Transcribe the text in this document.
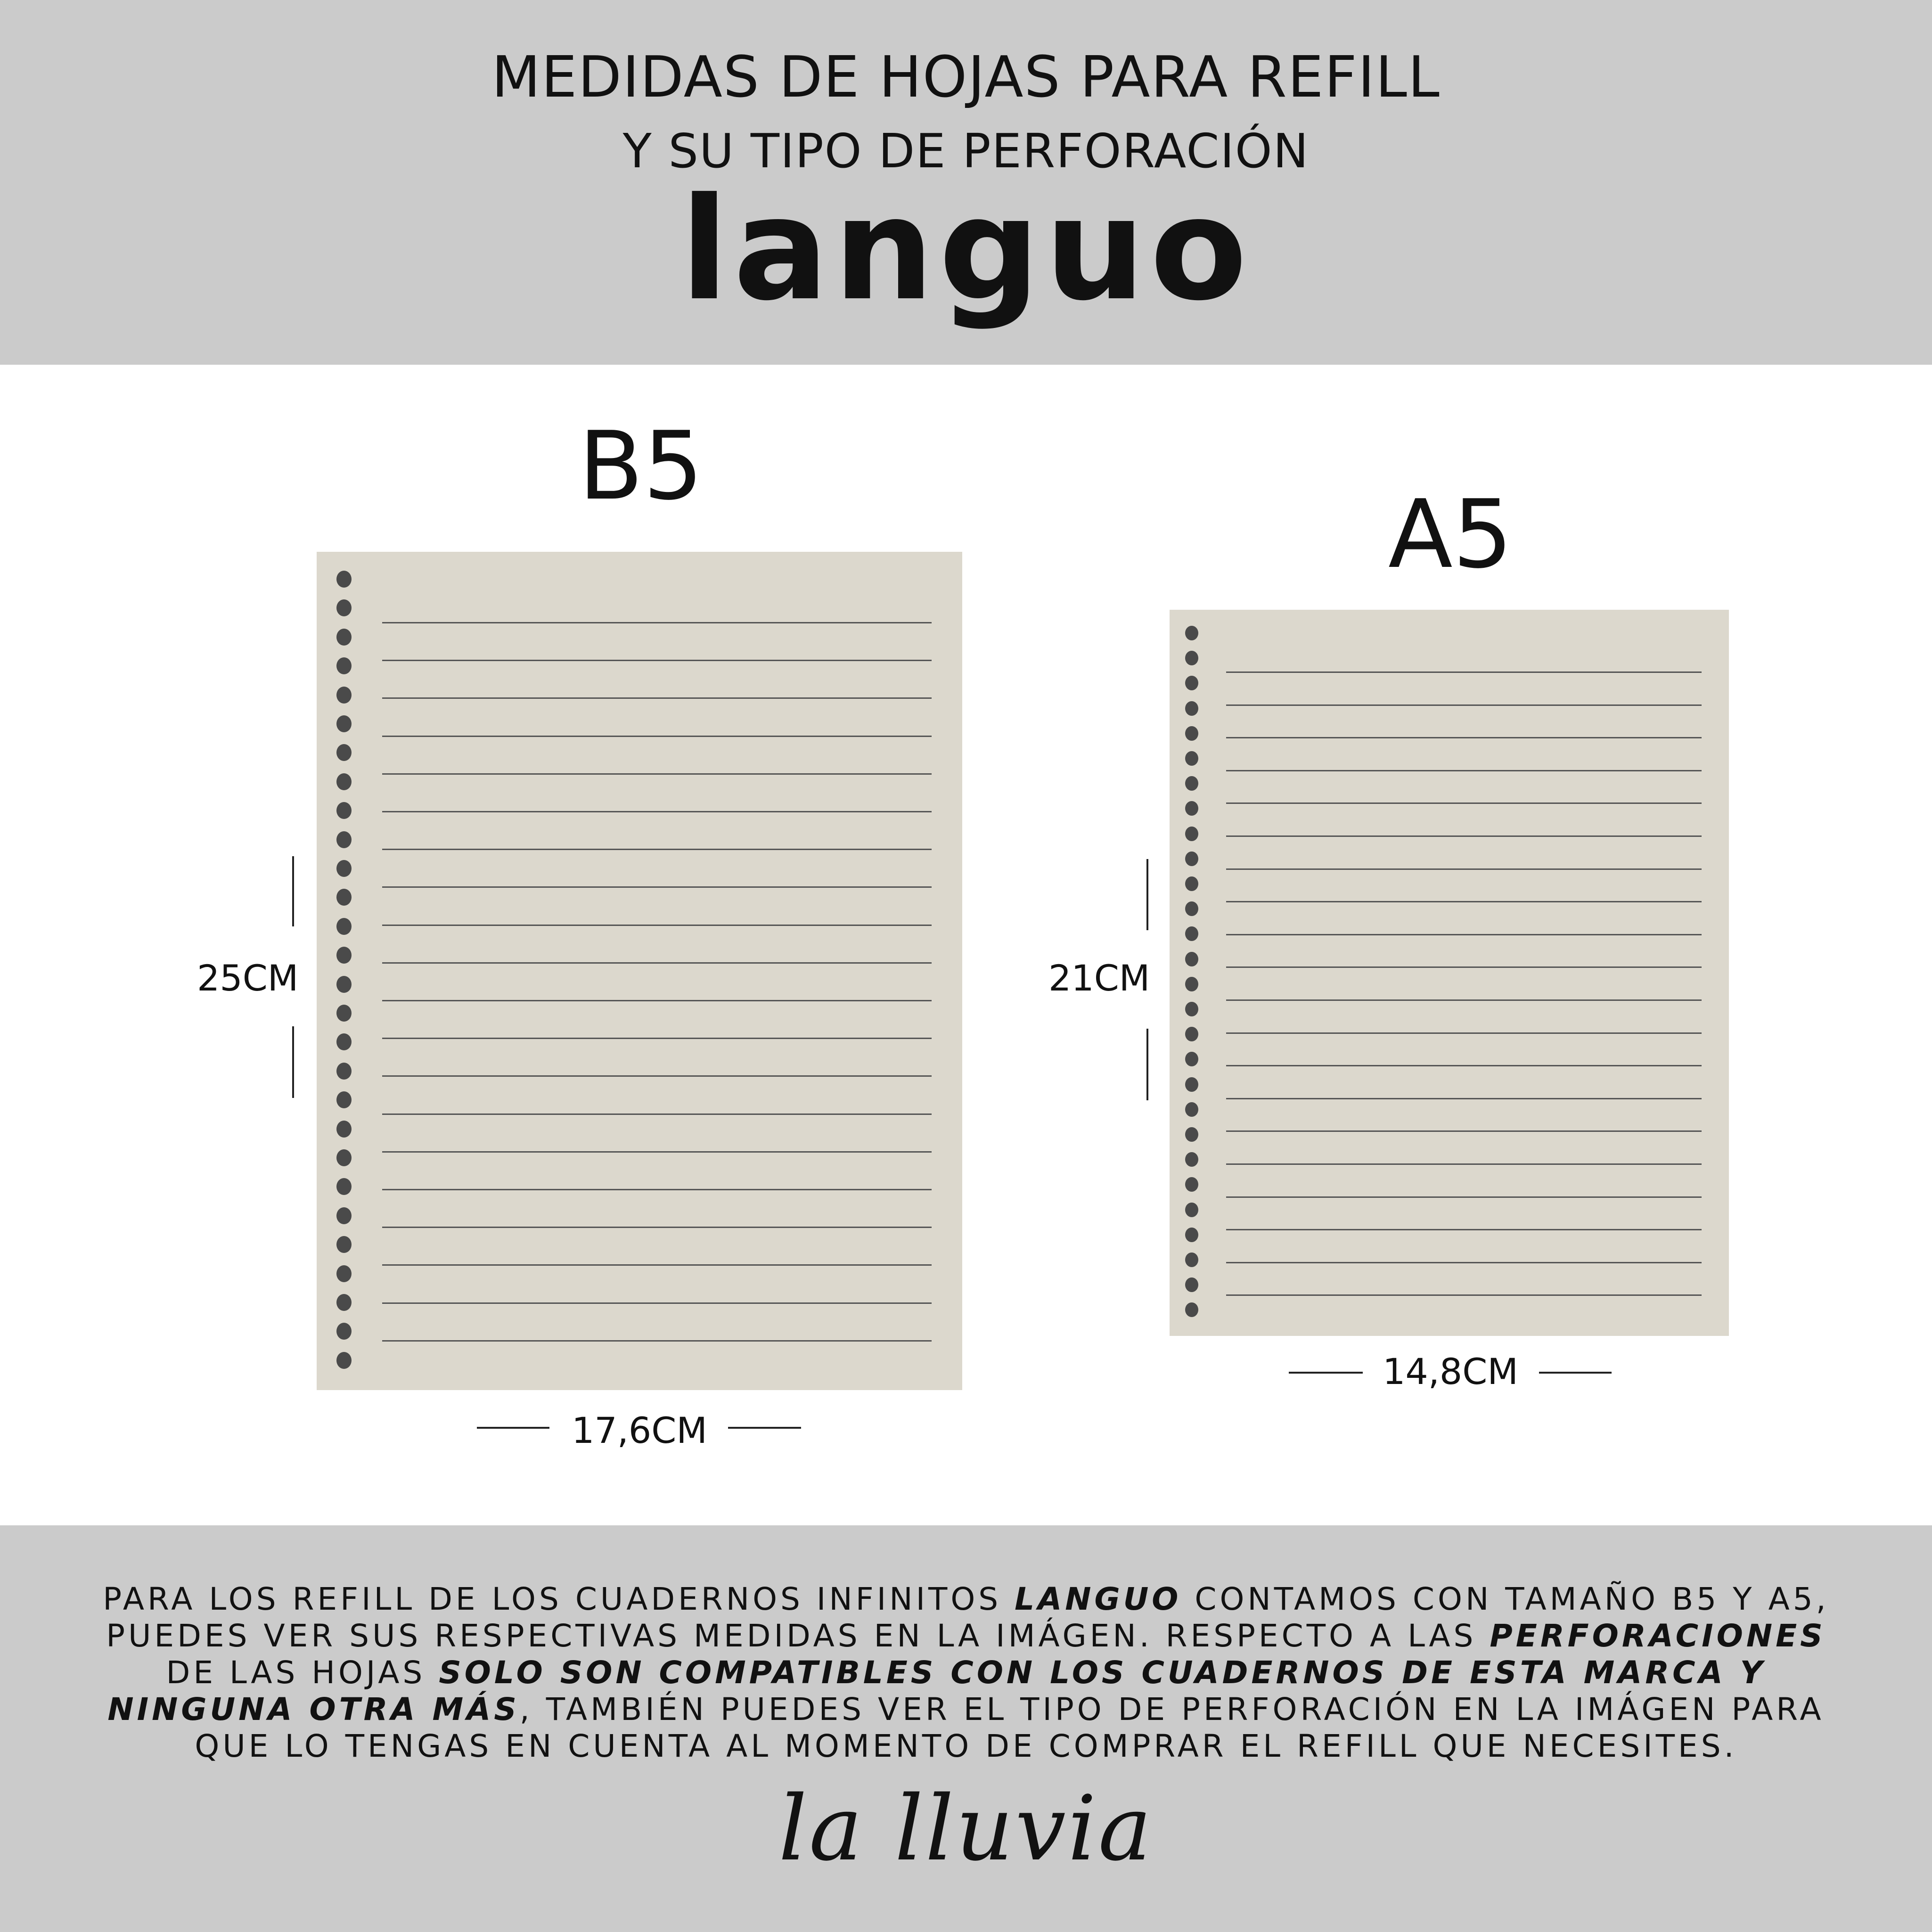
MEDIDAS DE HOJAS PARA REFILL
Y SU TIPO DE PERFORACIÓN
languo
B5
25CM
17,6CM
A5
21CM
14,8CM
PARA LOS REFILL DE LOS CUADERNOS INFINITOS LANGUO CONTAMOS CON TAMAÑO B5 Y A5, PUEDES VER SUS RESPECTIVAS MEDIDAS EN LA IMÁGEN. RESPECTO A LAS PERFORACIONES DE LAS HOJAS SOLO SON COMPATIBLES CON LOS CUADERNOS DE ESTA MARCA Y NINGUNA OTRA MÁS, TAMBIÉN PUEDES VER EL TIPO DE PERFORACIÓN EN LA IMÁGEN PARA QUE LO TENGAS EN CUENTA AL MOMENTO DE COMPRAR EL REFILL QUE NECESITES.
la lluvia
